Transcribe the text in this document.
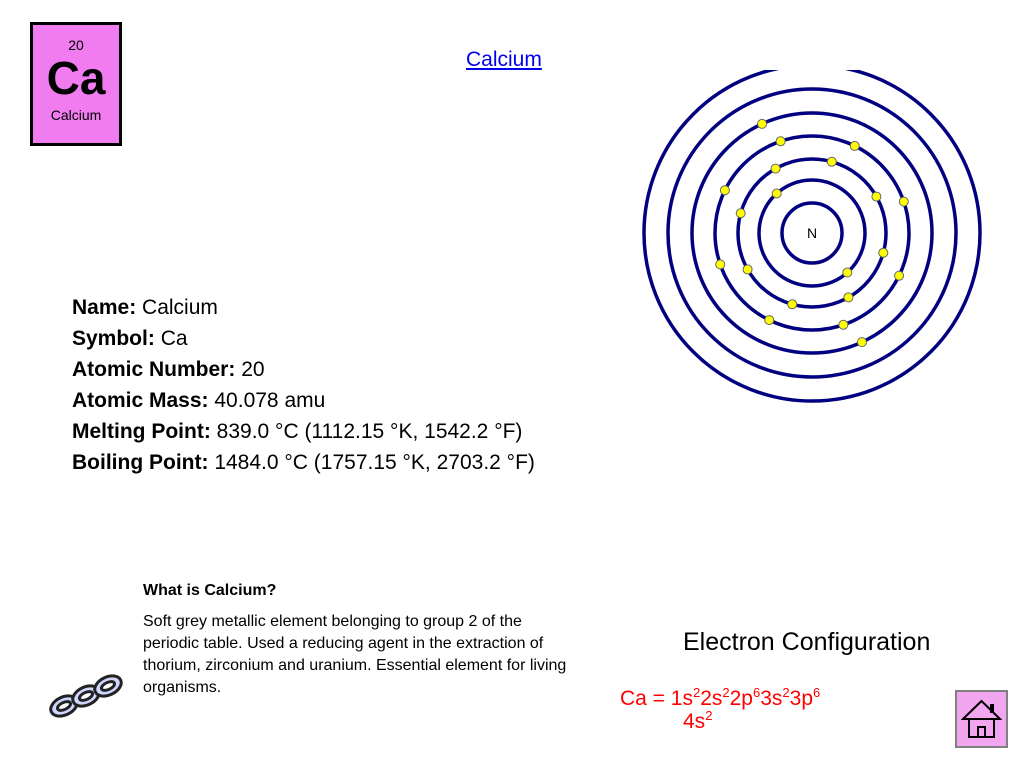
20
Ca
Calcium
Calcium
Name: Calcium
Symbol: Ca
Atomic Number: 20
Atomic Mass: 40.078 amu
Melting Point: 839.0 °C (1112.15 °K, 1542.2 °F)
Boiling Point: 1484.0 °C (1757.15 °K, 2703.2 °F)
N
What is Calcium?
Soft grey metallic element belonging to group 2 of the periodic table. Used a reducing agent in the extraction of thorium, zirconium and uranium. Essential element for living organisms.
Electron Configuration
$Ca = 1s^22s^22p^63s^23p^6$
$4s^2$
